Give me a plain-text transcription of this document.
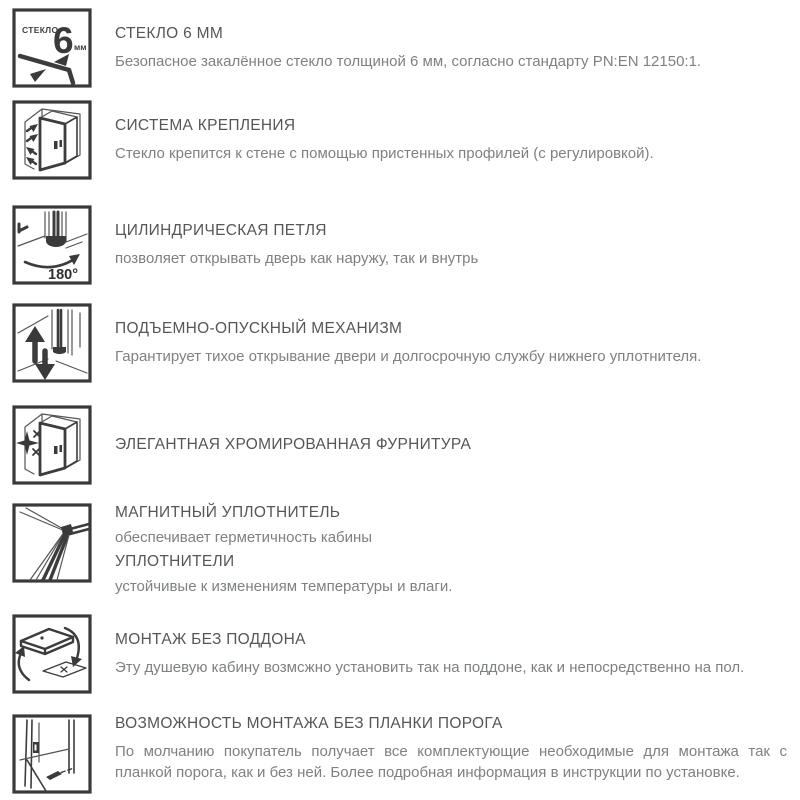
СТЕКЛО
6 мм
СТЕКЛО 6 ММ

Безопасное закалённое стекло толщиной 6 мм, согласно стандарту PN:EN 12150:1.

СИСТЕМА КРЕПЛЕНИЯ

Стекло крепится к стене с помощью пристенных профилей (с регулировкой).

180°
ЦИЛИНДРИЧЕСКАЯ ПЕТЛЯ

позволяет открывать дверь как наружу, так и внутрь

ПОДЪЕМНО-ОПУСКНЫЙ МЕХАНИЗМ

Гарантирует тихое открывание двери и долгосрочную службу нижнего уплотнителя.

ЭЛЕГАНТНАЯ ХРОМИРОВАННАЯ ФУРНИТУРА
МАГНИТНЫЙ УПЛОТНИТЕЛЬ

обеспечивает герметичность кабины

УПЛОТНИТЕЛИ

устойчивые к изменениям температуры и влаги.

МОНТАЖ БЕЗ ПОДДОНА

Эту душевую кабину возмсжно установить так на поддоне, как и непосредственно на пол.

ВОЗМОЖНОСТЬ МОНТАЖА БЕЗ ПЛАНКИ ПОРОГА

По молчанию покупатель получает все комплектующие необходимые для монтажа так с планкой порога, как и без ней. Более подробная информация в инструкции по установке.
